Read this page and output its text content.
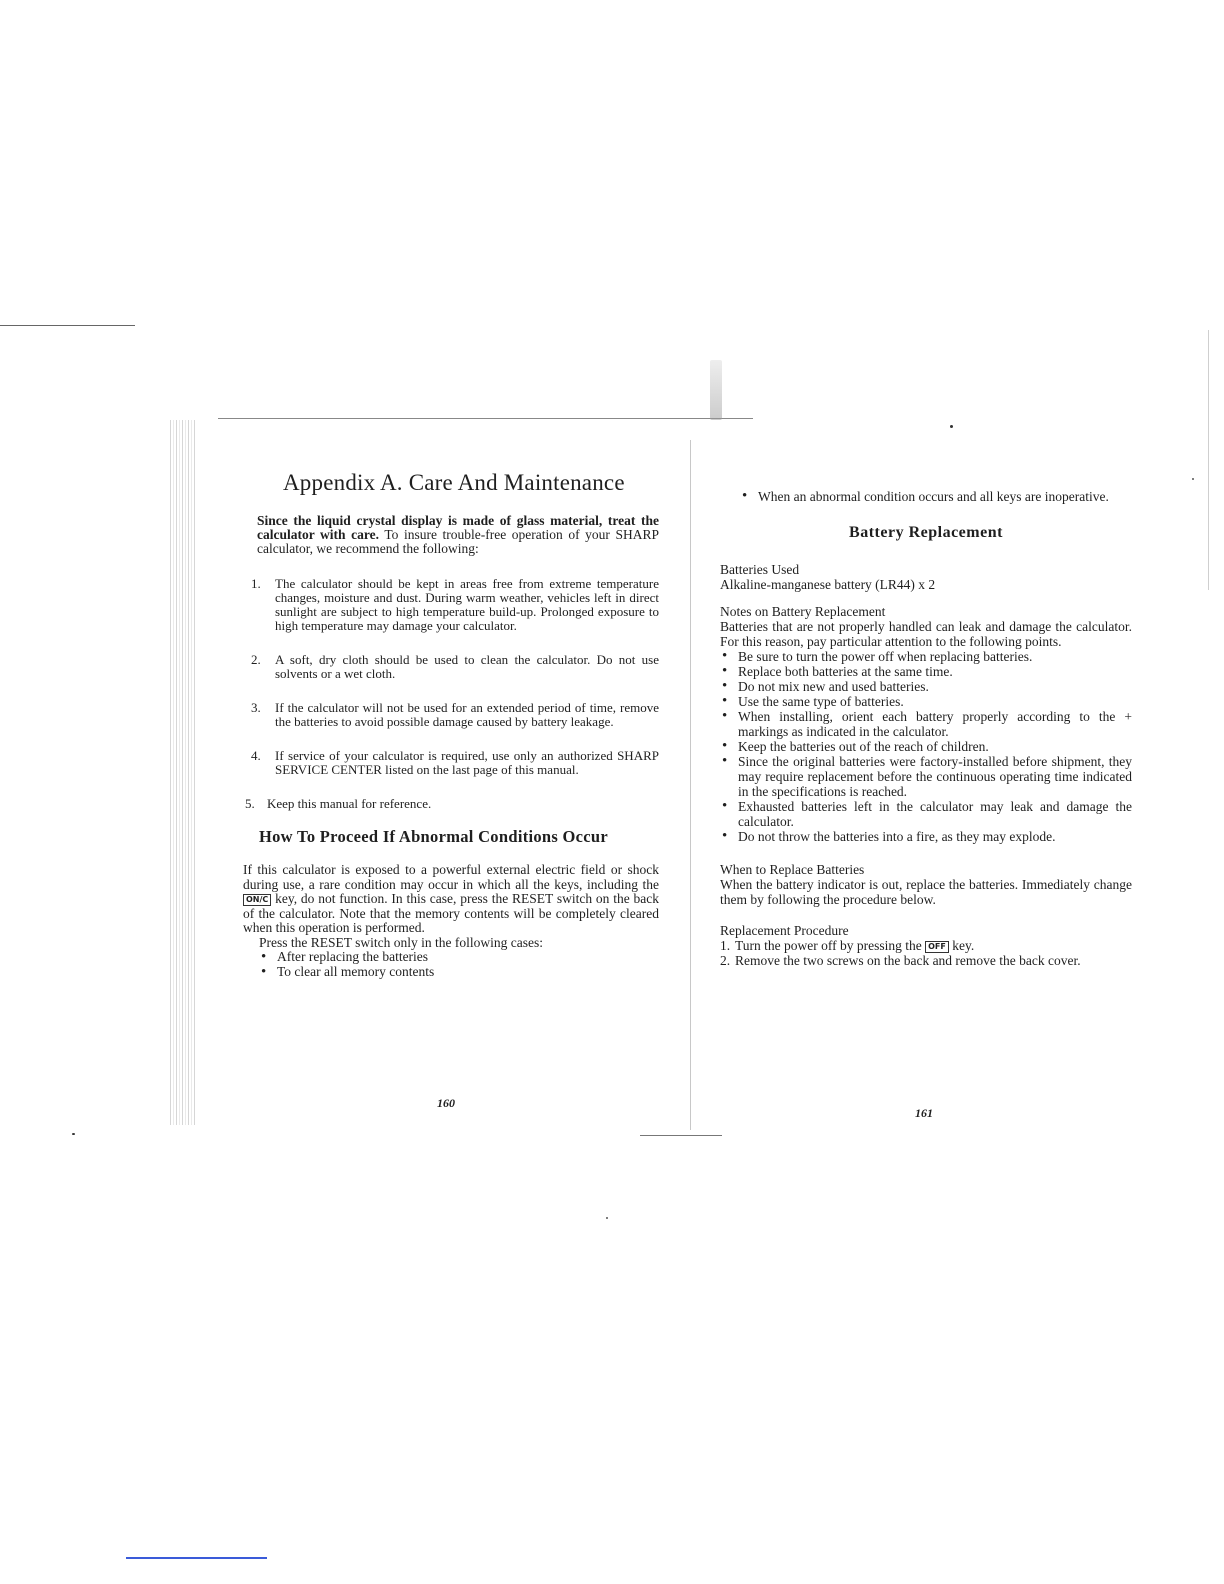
Appendix A. Care And Maintenance

Since the liquid crystal display is made of glass material, treat the calculator with care. To insure trouble-free operation of your SHARP calculator, we recommend the following:

1. The calculator should be kept in areas free from extreme temperature changes, moisture and dust. During warm weather, vehicles left in direct sunlight are subject to high temperature build-up. Prolonged exposure to high temperature may damage your calculator.
2. A soft, dry cloth should be used to clean the calculator. Do not use solvents or a wet cloth.
3. If the calculator will not be used for an extended period of time, remove the batteries to avoid possible damage caused by battery leakage.
4. If service of your calculator is required, use only an authorized SHARP SERVICE CENTER listed on the last page of this manual.
5. Keep this manual for reference.
How To Proceed If Abnormal Conditions Occur

If this calculator is exposed to a powerful external electric field or shock during use, a rare condition may occur in which all the keys, including the ON/C key, do not function. In this case, press the RESET switch on the back of the calculator. Note that the memory contents will be completely cleared when this operation is performed.

Press the RESET switch only in the following cases:

• After replacing the batteries
• To clear all memory contents
160
• When an abnormal condition occurs and all keys are inoperative.
Battery Replacement

Batteries Used

Alkaline-manganese battery (LR44) x 2

Notes on Battery Replacement

Batteries that are not properly handled can leak and damage the calculator. For this reason, pay particular attention to the following points.

• Be sure to turn the power off when replacing batteries.
• Replace both batteries at the same time.
• Do not mix new and used batteries.
• Use the same type of batteries.
• When installing, orient each battery properly according to the + markings as indicated in the calculator.
• Keep the batteries out of the reach of children.
• Since the original batteries were factory-installed before shipment, they may require replacement before the continuous operating time indicated in the specifications is reached.
• Exhausted batteries left in the calculator may leak and damage the calculator.
• Do not throw the batteries into a fire, as they may explode.

When to Replace Batteries

When the battery indicator is out, replace the batteries. Immediately change them by following the procedure below.

Replacement Procedure

1. Turn the power off by pressing the OFF key.
2. Remove the two screws on the back and remove the back cover.
161
